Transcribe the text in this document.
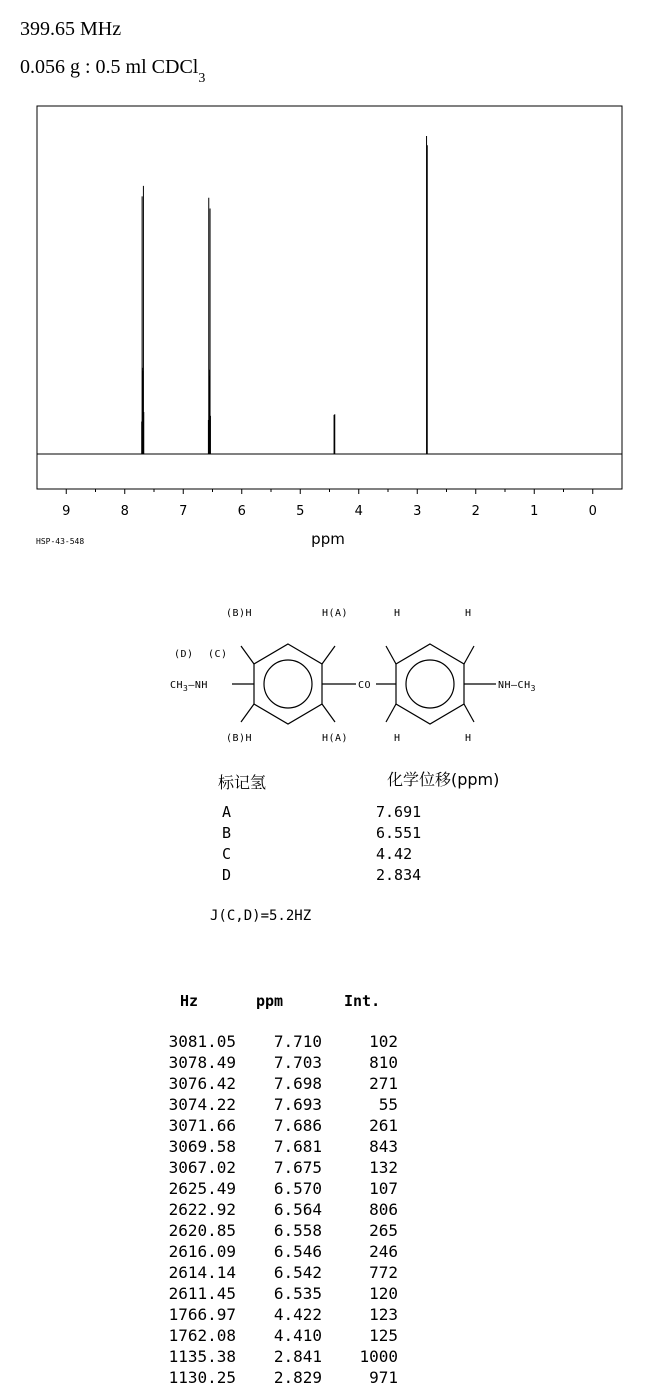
399.65 MHz
0.056 g : 0.5 ml CDCl$_3$
9	8	7	6	5	4	3	2	1	0
ppm
HSP-43-548
(B)H	H(A)
(B)H	H(A)
H	H
H	H
(D) (C)
$CH_3—NH$	CO	$NH—CH_3$
标记氢	化学位移(ppm)
A	7.691
B	6.551
C	4.42
D	2.834
J(C,D)=5.2HZ
Hz	ppm	Int.
3081.05	7.710	102
3078.49	7.703	810
3076.42	7.698	271
3074.22	7.693	55
3071.66	7.686	261
3069.58	7.681	843
3067.02	7.675	132
2625.49	6.570	107
2622.92	6.564	806
2620.85	6.558	265
2616.09	6.546	246
2614.14	6.542	772
2611.45	6.535	120
1766.97	4.422	123
1762.08	4.410	125
1135.38	2.841	1000
1130.25	2.829	971
